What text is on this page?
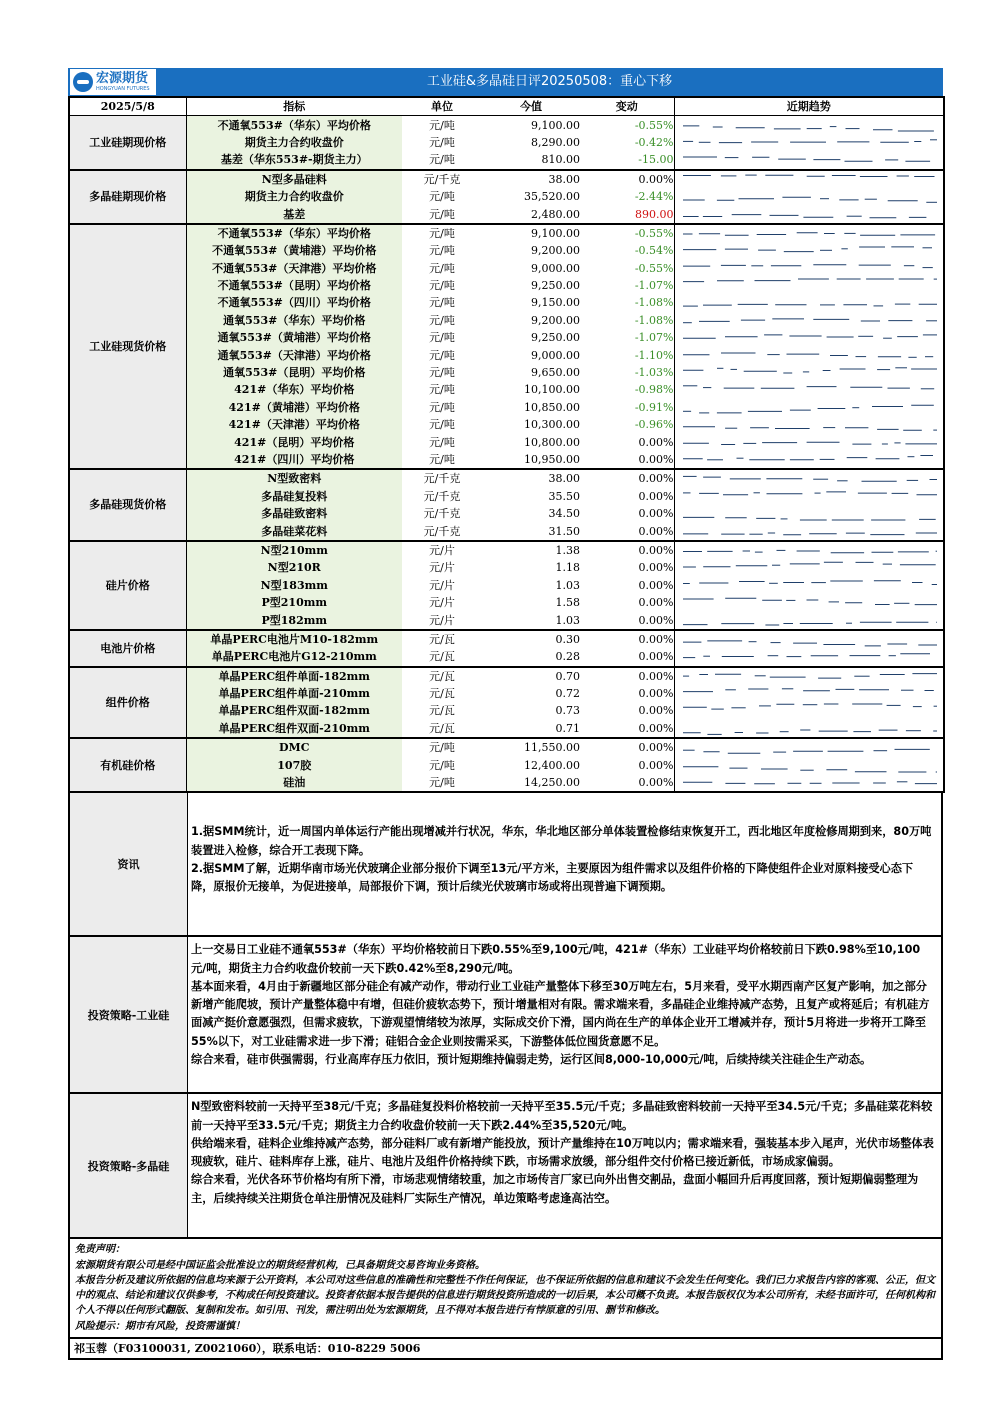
宏源期货
HONGYUAN FUTURES	工业硅&多晶硅日评20250508：重心下移
2025/5/8	指标	单位	今值	变动	近期趋势
工业硅期现价格	不通氧553#（华东）平均价格	元/吨	9,100.00	-0.55%	

	期货主力合约收盘价	元/吨	8,290.00	-0.42%	

	基差（华东553#-期货主力）	元/吨	810.00	-15.00	

多晶硅期现价格	N型多晶硅料	元/千克	38.00	0.00%	

	期货主力合约收盘价	元/吨	35,520.00	-2.44%	

	基差	元/吨	2,480.00	890.00	

工业硅现货价格	不通氧553#（华东）平均价格	元/吨	9,100.00	-0.55%	

	不通氧553#（黄埔港）平均价格	元/吨	9,200.00	-0.54%	

	不通氧553#（天津港）平均价格	元/吨	9,000.00	-0.55%	

	不通氧553#（昆明）平均价格	元/吨	9,250.00	-1.07%	

	不通氧553#（四川）平均价格	元/吨	9,150.00	-1.08%	

	通氧553#（华东）平均价格	元/吨	9,200.00	-1.08%	

	通氧553#（黄埔港）平均价格	元/吨	9,250.00	-1.07%	

	通氧553#（天津港）平均价格	元/吨	9,000.00	-1.10%	

	通氧553#（昆明）平均价格	元/吨	9,650.00	-1.03%	

	421#（华东）平均价格	元/吨	10,100.00	-0.98%	

	421#（黄埔港）平均价格	元/吨	10,850.00	-0.91%	

	421#（天津港）平均价格	元/吨	10,300.00	-0.96%	

	421#（昆明）平均价格	元/吨	10,800.00	0.00%	

	421#（四川）平均价格	元/吨	10,950.00	0.00%	

多晶硅现货价格	N型致密料	元/千克	38.00	0.00%	

	多晶硅复投料	元/千克	35.50	0.00%	

	多晶硅致密料	元/千克	34.50	0.00%	

	多晶硅菜花料	元/千克	31.50	0.00%	

硅片价格	N型210mm	元/片	1.38	0.00%	

	N型210R	元/片	1.18	0.00%	

	N型183mm	元/片	1.03	0.00%	

	P型210mm	元/片	1.58	0.00%	

	P型182mm	元/片	1.03	0.00%	

电池片价格	单晶PERC电池片M10-182mm	元/瓦	0.30	0.00%	

	单晶PERC电池片G12-210mm	元/瓦	0.28	0.00%	

组件价格	单晶PERC组件单面-182mm	元/瓦	0.70	0.00%	

	单晶PERC组件单面-210mm	元/瓦	0.72	0.00%	

	单晶PERC组件双面-182mm	元/瓦	0.73	0.00%	

	单晶PERC组件双面-210mm	元/瓦	0.71	0.00%	

有机硅价格	DMC	元/吨	11,550.00	0.00%	

	107胶	元/吨	12,400.00	0.00%	

	硅油	元/吨	14,250.00	0.00%	
资讯

1.据SMM统计，近一周国内单体运行产能出现增减并行状况，华东，华北地区部分单体装置检修结束恢复开工，西北地区年度检修周期到来，80万吨装置进入检修，综合开工表现下降。

2.据SMM了解，近期华南市场光伏玻璃企业部分报价下调至13元/平方米，主要原因为组件需求以及组件价格的下降使组件企业对原料接受心态下降，原报价无接单，为促进接单，局部报价下调，预计后续光伏玻璃市场或将出现普遍下调预期。

投资策略-工业硅

上一交易日工业硅不通氧553#（华东）平均价格较前日下跌0.55%至9,100元/吨，421#（华东）工业硅平均价格较前日下跌0.98%至10,100元/吨，期货主力合约收盘价较前一天下跌0.42%至8,290元/吨。

基本面来看，4月由于新疆地区部分硅企有减产动作，带动行业工业硅产量整体下移至30万吨左右，5月来看，受平水期西南产区复产影响，加之部分新增产能爬坡，预计产量整体稳中有增，但硅价疲软态势下，预计增量相对有限。需求端来看，多晶硅企业维持减产态势，且复产或将延后；有机硅方面减产挺价意愿强烈，但需求疲软，下游观望情绪较为浓厚，实际成交价下滑，国内尚在生产的单体企业开工增减并存，预计5月将进一步将开工降至55%以下，对工业硅需求进一步下滑；硅铝合金企业则按需采买，下游整体低位囤货意愿不足。

综合来看，硅市供强需弱，行业高库存压力依旧，预计短期维持偏弱走势，运行区间8,000-10,000元/吨，后续持续关注硅企生产动态。

投资策略-多晶硅

N型致密料较前一天持平至38元/千克；多晶硅复投料价格较前一天持平至35.5元/千克；多晶硅致密料较前一天持平至34.5元/千克；多晶硅菜花料较前一天持平至33.5元/千克；期货主力合约收盘价较前一天下跌2.44%至35,520元/吨。

供给端来看，硅料企业维持减产态势，部分硅料厂或有新增产能投放，预计产量维持在10万吨以内；需求端来看，强装基本步入尾声，光伏市场整体表现疲软，硅片、硅料库存上涨，硅片、电池片及组件价格持续下跌，市场需求放缓，部分组件交付价格已接近新低，市场成家偏弱。

综合来看，光伏各环节价格均有所下滑，市场悲观情绪较重，加之市场传言厂家已向外出售交割品，盘面小幅回升后再度回落，预计短期偏弱整理为主，后续持续关注期货仓单注册情况及硅料厂实际生产情况，单边策略考虑逢高沽空。

免责声明：

宏源期货有限公司是经中国证监会批准设立的期货经营机构，已具备期货交易咨询业务资格。

本报告分析及建议所依据的信息均来源于公开资料，本公司对这些信息的准确性和完整性不作任何保证，也不保证所依据的信息和建议不会发生任何变化。我们已力求报告内容的客观、公正，但文中的观点、结论和建议仅供参考，不构成任何投资建议。投资者依据本报告提供的信息进行期货投资所造成的一切后果，本公司概不负责。本报告版权仅为本公司所有，未经书面许可，任何机构和个人不得以任何形式翻版、复制和发布。如引用、刊发，需注明出处为宏源期货，且不得对本报告进行有悖原意的引用、删节和修改。

风险提示：期市有风险，投资需谨慎！

祁玉蓉（F03100031, Z0021060），联系电话：010-8229 5006
